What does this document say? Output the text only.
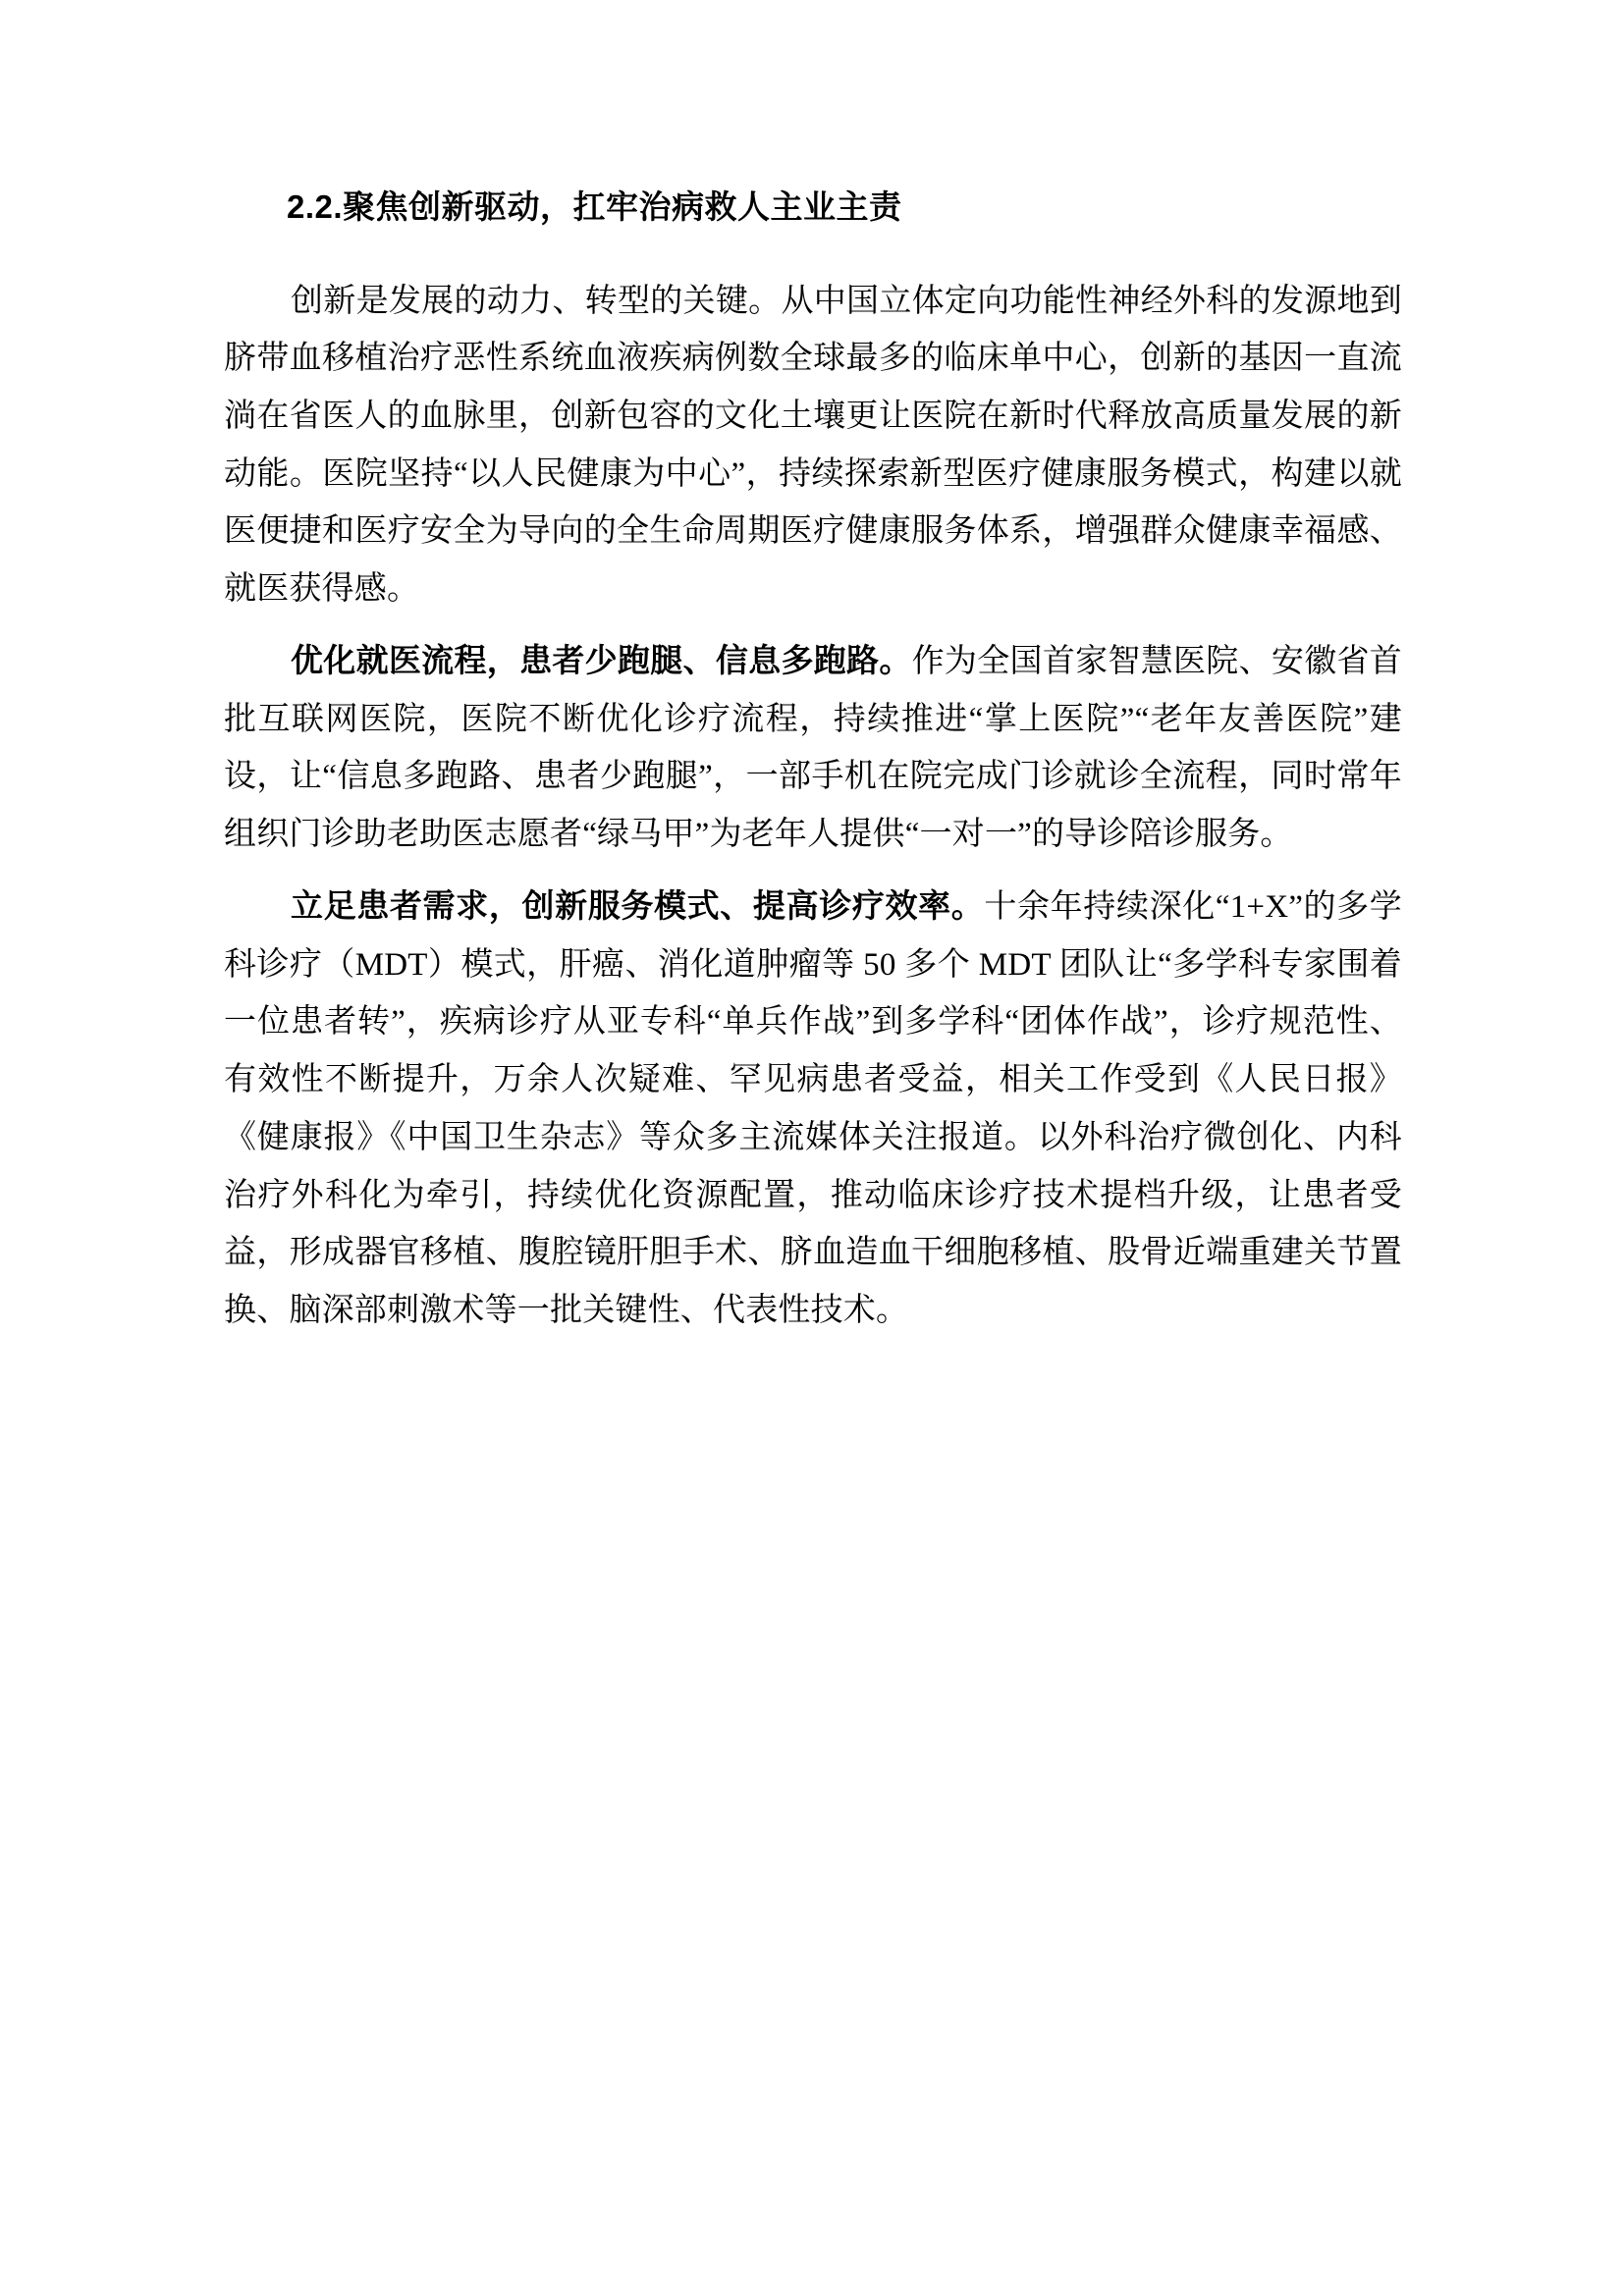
2.2.聚焦创新驱动，扛牢治病救人主业主责

创新是发展的动力、转型的关键。从中国立体定向功能性神经外科的发源地到脐带血移植治疗恶性系统血液疾病例数全球最多的临床单中心，创新的基因一直流淌在省医人的血脉里，创新包容的文化土壤更让医院在新时代释放高质量发展的新动能。医院坚持“以人民健康为中心”，持续探索新型医疗健康服务模式，构建以就医便捷和医疗安全为导向的全生命周期医疗健康服务体系，增强群众健康幸福感、就医获得感。

优化就医流程，患者少跑腿、信息多跑路。作为全国首家智慧医院、安徽省首批互联网医院，医院不断优化诊疗流程，持续推进“掌上医院”“老年友善医院”建设，让“信息多跑路、患者少跑腿”，一部手机在院完成门诊就诊全流程，同时常年组织门诊助老助医志愿者“绿马甲”为老年人提供“一对一”的导诊陪诊服务。

立足患者需求，创新服务模式、提高诊疗效率。十余年持续深化“1+X”的多学科诊疗（MDT）模式，肝癌、消化道肿瘤等 50 多个 MDT 团队让“多学科专家围着一位患者转”，疾病诊疗从亚专科“单兵作战”到多学科“团体作战”，诊疗规范性、有效性不断提升，万余人次疑难、罕见病患者受益，相关工作受到《人民日报》《健康报》《中国卫生杂志》等众多主流媒体关注报道。以外科治疗微创化、内科治疗外科化为牵引，持续优化资源配置，推动临床诊疗技术提档升级，让患者受益，形成器官移植、腹腔镜肝胆手术、脐血造血干细胞移植、股骨近端重建关节置换、脑深部刺激术等一批关键性、代表性技术。
